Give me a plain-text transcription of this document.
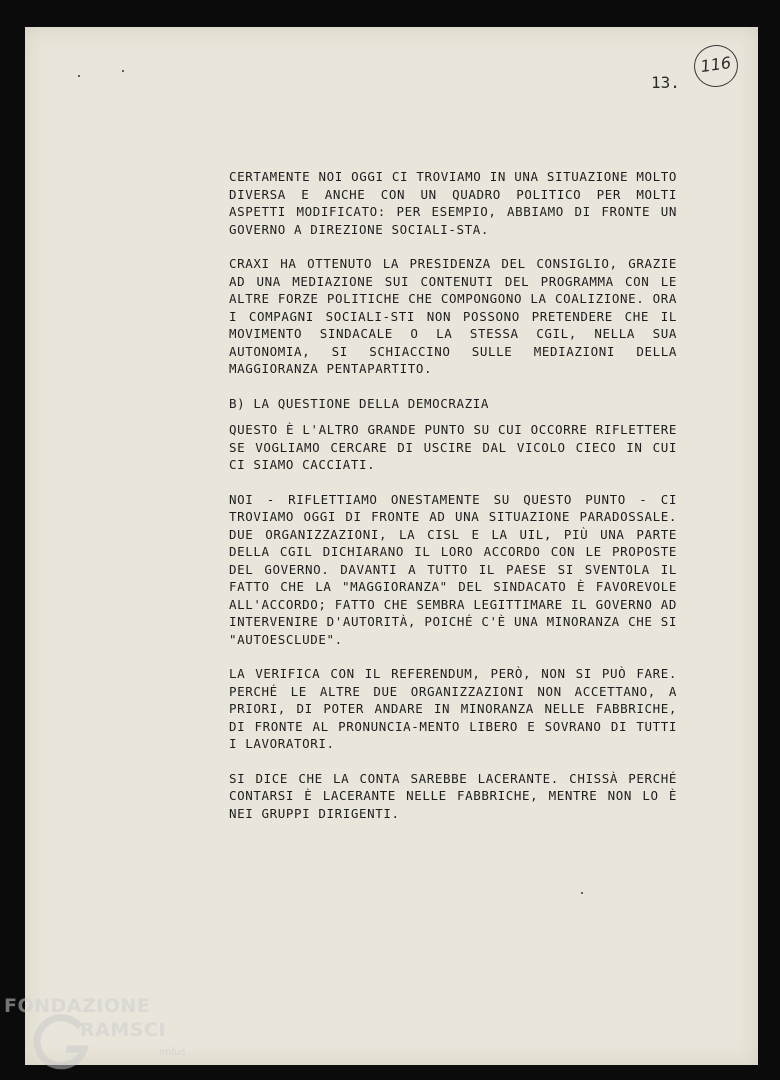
13.
116

CERTAMENTE NOI OGGI CI TROVIAMO IN UNA SITUAZIONE MOLTO DIVERSA E ANCHE CON UN QUADRO POLITICO PER MOLTI ASPETTI MODIFICATO: PER ESEMPIO, ABBIAMO DI FRONTE UN GOVERNO A DIREZIONE SOCIALI-STA.

CRAXI HA OTTENUTO LA PRESIDENZA DEL CONSIGLIO, GRAZIE AD UNA MEDIAZIONE SUI CONTENUTI DEL PROGRAMMA CON LE ALTRE FORZE POLITICHE CHE COMPONGONO LA COALIZIONE. ORA I COMPAGNI SOCIALI-STI NON POSSONO PRETENDERE CHE IL MOVIMENTO SINDACALE O LA STESSA CGIL, NELLA SUA AUTONOMIA, SI SCHIACCINO SULLE MEDIAZIONI DELLA MAGGIORANZA PENTAPARTITO.

B) LA QUESTIONE DELLA DEMOCRAZIA

QUESTO È L'ALTRO GRANDE PUNTO SU CUI OCCORRE RIFLETTERE SE VOGLIAMO CERCARE DI USCIRE DAL VICOLO CIECO IN CUI CI SIAMO CACCIATI.

NOI - RIFLETTIAMO ONESTAMENTE SU QUESTO PUNTO - CI TROVIAMO OGGI DI FRONTE AD UNA SITUAZIONE PARADOSSALE. DUE ORGANIZZAZIONI, LA CISL E LA UIL, PIÙ UNA PARTE DELLA CGIL DICHIARANO IL LORO ACCORDO CON LE PROPOSTE DEL GOVERNO. DAVANTI A TUTTO IL PAESE SI SVENTOLA IL FATTO CHE LA "MAGGIORANZA" DEL SINDACATO È FAVOREVOLE ALL'ACCORDO; FATTO CHE SEMBRA LEGITTIMARE IL GOVERNO AD INTERVENIRE D'AUTORITÀ, POICHÉ C'È UNA MINORANZA CHE SI "AUTOESCLUDE".

LA VERIFICA CON IL REFERENDUM, PERÒ, NON SI PUÒ FARE. PERCHÉ LE ALTRE DUE ORGANIZZAZIONI NON ACCETTANO, A PRIORI, DI POTER ANDARE IN MINORANZA NELLE FABBRICHE, DI FRONTE AL PRONUNCIA-MENTO LIBERO E SOVRANO DI TUTTI I LAVORATORI.

SI DICE CHE LA CONTA SAREBBE LACERANTE. CHISSÀ PERCHÉ CONTARSI È LACERANTE NELLE FABBRICHE, MENTRE NON LO È NEI GRUPPI DIRIGENTI.

FONDAZIONE
RAMSCI
onlus
